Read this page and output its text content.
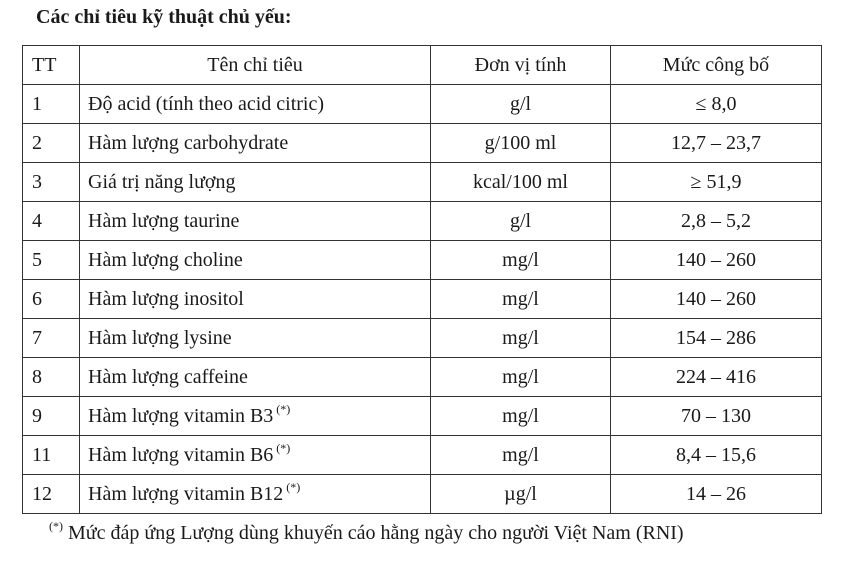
Các chỉ tiêu kỹ thuật chủ yếu:
TT	Tên chỉ tiêu	Đơn vị tính	Mức công bố
1	Độ acid (tính theo acid citric)	g/l	≤ 8,0
2	Hàm lượng carbohydrate	g/100 ml	12,7 – 23,7
3	Giá trị năng lượng	kcal/100 ml	≥ 51,9
4	Hàm lượng taurine	g/l	2,8 – 5,2
5	Hàm lượng choline	mg/l	140 – 260
6	Hàm lượng inositol	mg/l	140 – 260
7	Hàm lượng lysine	mg/l	154 – 286
8	Hàm lượng caffeine	mg/l	224 – 416
9	Hàm lượng vitamin B3 (*)	mg/l	70 – 130
11	Hàm lượng vitamin B6 (*)	mg/l	8,4 – 15,6
12	Hàm lượng vitamin B12 (*)	µg/l	14 – 26
(*) Mức đáp ứng Lượng dùng khuyến cáo hằng ngày cho người Việt Nam (RNI)
